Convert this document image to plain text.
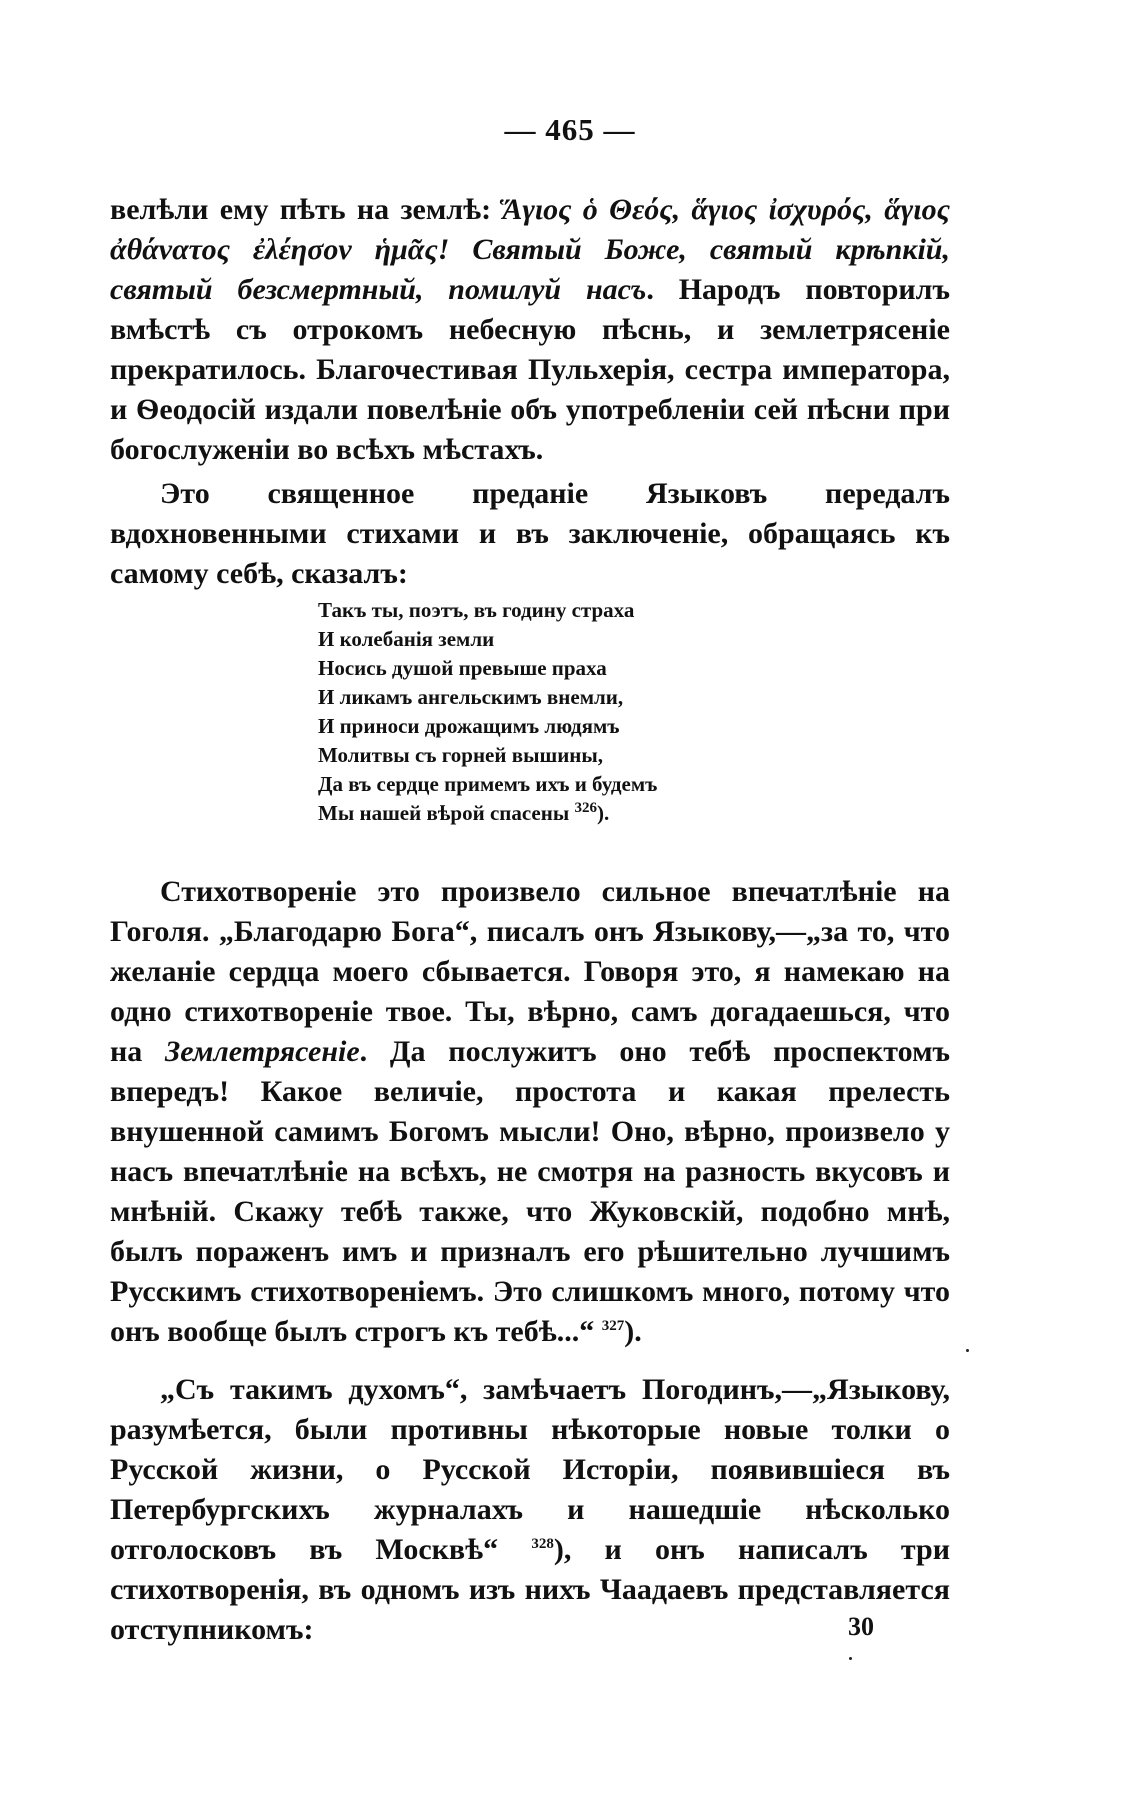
— 465 —

велѣли ему пѣть на землѣ: Ἅγιος ὁ Θεός, ἅγιος ἰσχυρός, ἅγιος ἀθάνατος ἐλέησον ἡμᾶς! Святый Боже, святый крѣпкій, святый безсмертный, помилуй насъ. Народъ повторилъ вмѣстѣ съ отрокомъ небесную пѣснь, и землетрясеніе прекратилось. Благочестивая Пульхерія, сестра императора, и Ѳеодосій издали повелѣніе объ употребленіи сей пѣсни при богослуженіи во всѣхъ мѣстахъ.

Это священное преданіе Языковъ передалъ вдохновенными стихами и въ заключеніе, обращаясь къ самому себѣ, сказалъ:

Такъ ты, поэтъ, въ годину страха
И колебанія земли
Носись душой превыше праха
И ликамъ ангельскимъ внемли,
И приноси дрожащимъ людямъ
Молитвы съ горней вышины,
Да въ сердце примемъ ихъ и будемъ
Мы нашей вѣрой спасены $^{326}$).

Стихотвореніе это произвело сильное впечатлѣніе на Гоголя. „Благодарю Бога“, писалъ онъ Языкову,—„за то, что желаніе сердца моего сбывается. Говоря это, я намекаю на одно стихотвореніе твое. Ты, вѣрно, самъ догадаешься, что на Землетрясеніе. Да послужитъ оно тебѣ проспектомъ впередъ! Какое величіе, простота и какая прелесть внушенной самимъ Богомъ мысли! Оно, вѣрно, произвело у насъ впечатлѣніе на всѣхъ, не смотря на разность вкусовъ и мнѣній. Скажу тебѣ также, что Жуковскій, подобно мнѣ, былъ пораженъ имъ и призналъ его рѣшительно лучшимъ Русскимъ стихотвореніемъ. Это слишкомъ много, потому что онъ вообще былъ строгъ къ тебѣ...“ $^{327}$).

„Съ такимъ духомъ“, замѣчаетъ Погодинъ,—„Языкову, разумѣется, были противны нѣкоторые новые толки о Русской жизни, о Русской Исторіи, появившіеся въ Петербургскихъ журналахъ и нашедшіе нѣсколько отголосковъ въ Москвѣ“ $^{328}$), и онъ написалъ три стихотворенія, въ одномъ изъ нихъ Чаадаевъ представляется отступникомъ:	30
